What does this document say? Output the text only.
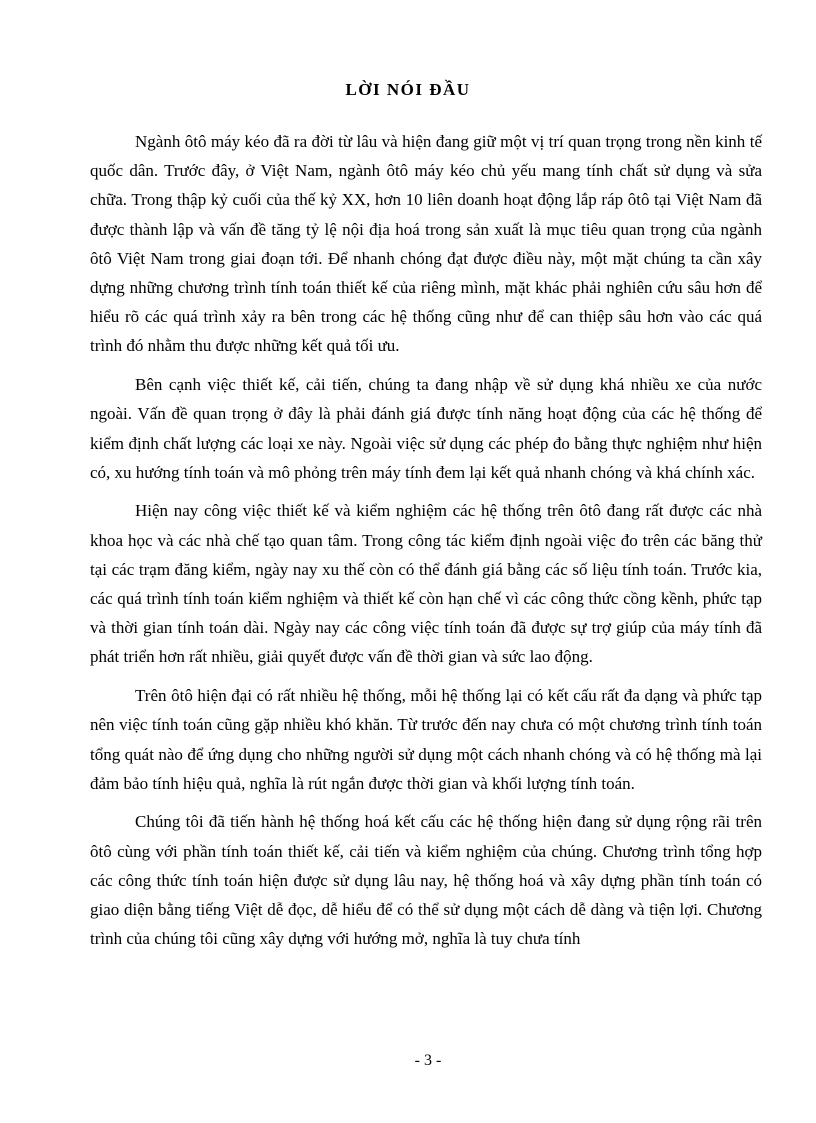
LỜI NÓI ĐẦU

Ngành ôtô máy kéo đã ra đời từ lâu và hiện đang giữ một vị trí quan trọng trong nền kinh tế quốc dân. Trước đây, ở Việt Nam, ngành ôtô máy kéo chủ yếu mang tính chất sử dụng và sửa chữa. Trong thập kỷ cuối của thế kỷ XX, hơn 10 liên doanh hoạt động lắp ráp ôtô tại Việt Nam đã được thành lập và vấn đề tăng tỷ lệ nội địa hoá trong sản xuất là mục tiêu quan trọng của ngành ôtô Việt Nam trong giai đoạn tới. Để nhanh chóng đạt được điều này, một mặt chúng ta cần xây dựng những chương trình tính toán thiết kế của riêng mình, mặt khác phải nghiên cứu sâu hơn để hiểu rõ các quá trình xảy ra bên trong các hệ thống cũng như để can thiệp sâu hơn vào các quá trình đó nhằm thu được những kết quả tối ưu.

Bên cạnh việc thiết kế, cải tiến, chúng ta đang nhập về sử dụng khá nhiều xe của nước ngoài. Vấn đề quan trọng ở đây là phải đánh giá được tính năng hoạt động của các hệ thống để kiểm định chất lượng các loại xe này. Ngoài việc sử dụng các phép đo bằng thực nghiệm như hiện có, xu hướng tính toán và mô phỏng trên máy tính đem lại kết quả nhanh chóng và khá chính xác.

Hiện nay công việc thiết kế và kiểm nghiệm các hệ thống trên ôtô đang rất được các nhà khoa học và các nhà chế tạo quan tâm. Trong công tác kiểm định ngoài việc đo trên các băng thử tại các trạm đăng kiểm, ngày nay xu thế còn có thể đánh giá bằng các số liệu tính toán. Trước kia, các quá trình tính toán kiểm nghiệm và thiết kế còn hạn chế vì các công thức cồng kềnh, phức tạp và thời gian tính toán dài. Ngày nay các công việc tính toán đã được sự trợ giúp của máy tính đã phát triển hơn rất nhiều, giải quyết được vấn đề thời gian và sức lao động.

Trên ôtô hiện đại có rất nhiều hệ thống, mỗi hệ thống lại có kết cấu rất đa dạng và phức tạp nên việc tính toán cũng gặp nhiều khó khăn. Từ trước đến nay chưa có một chương trình tính toán tổng quát nào để ứng dụng cho những người sử dụng một cách nhanh chóng và có hệ thống mà lại đảm bảo tính hiệu quả, nghĩa là rút ngắn được thời gian và khối lượng tính toán.

Chúng tôi đã tiến hành hệ thống hoá kết cấu các hệ thống hiện đang sử dụng rộng rãi trên ôtô cùng với phần tính toán thiết kế, cải tiến và kiểm nghiệm của chúng. Chương trình tổng hợp các công thức tính toán hiện được sử dụng lâu nay, hệ thống hoá và xây dựng phần tính toán có giao diện bằng tiếng Việt dễ đọc, dễ hiểu để có thể sử dụng một cách dễ dàng và tiện lợi. Chương trình của chúng tôi cũng xây dựng với hướng mở, nghĩa là tuy chưa tính

- 3 -
